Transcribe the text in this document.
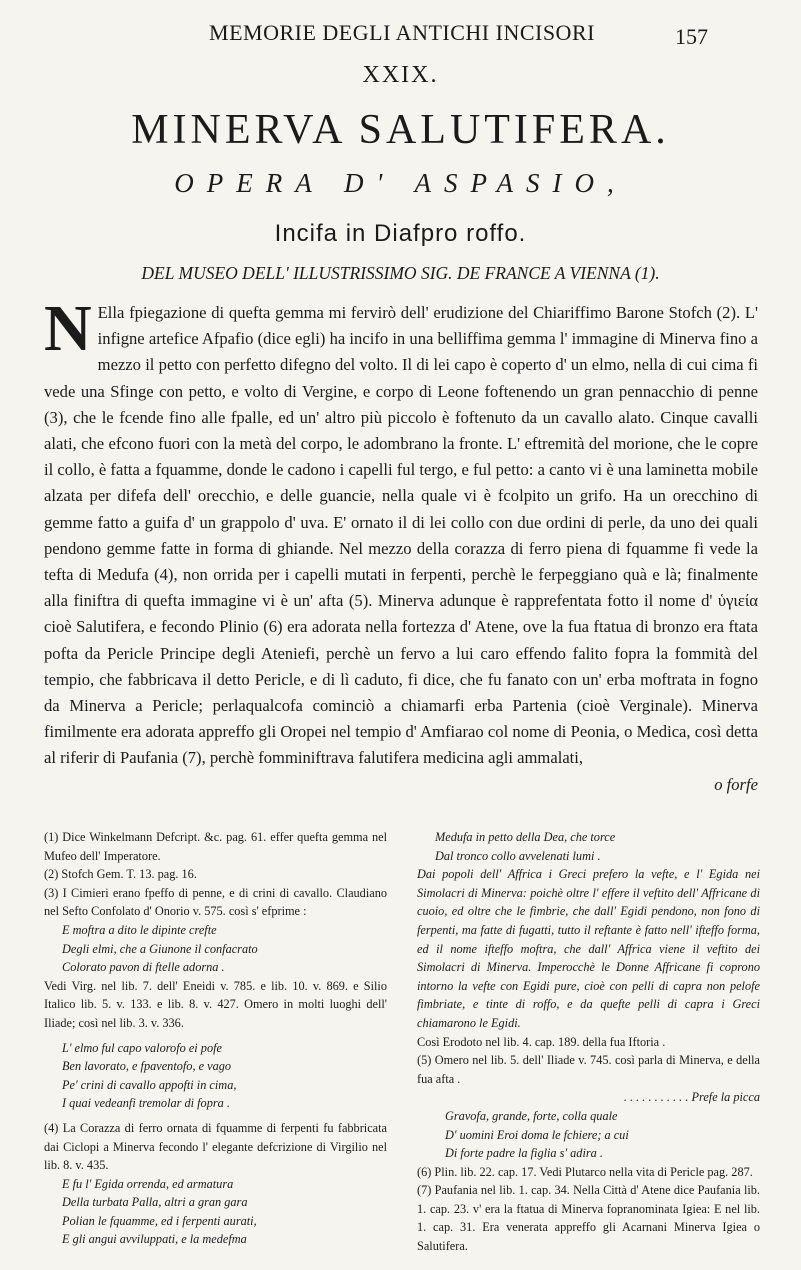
MEMORIE DEGLI ANTICHI INCISORI	157
XXIX.
MINERVA SALUTIFERA.
OPERA D' ASPASIO,
Incifa in Diafpro roffo.
DEL MUSEO DELL' ILLUSTRISSIMO SIG. DE FRANCE A VIENNA (1).
N Ella fpiegazione di quefta gemma mi fervirò dell' erudizione del Chiariffimo Barone Stofch (2). L' infigne artefice Afpafio (dice egli) ha incifo in una belliffima gemma l' immagine di Minerva fino a mezzo il petto con perfetto difegno del volto. Il di lei capo è coperto d' un elmo, nella di cui cima fi vede una Sfinge con petto, e volto di Vergine, e corpo di Leone foftenendo un gran pennacchio di penne (3), che le fcende fino alle fpalle, ed un' altro più piccolo è foftenuto da un cavallo alato. Cinque cavalli alati, che efcono fuori con la metà del corpo, le adombrano la fronte. L' eftremità del morione, che le copre il collo, è fatta a fquamme, donde le cadono i capelli ful tergo, e ful petto: a canto vi è una laminetta mobile alzata per difefa dell' orecchio, e delle guancie, nella quale vi è fcolpito un grifo. Ha un orecchino di gemme fatto a guifa d' un grappolo d' uva. E' ornato il di lei collo con due ordini di perle, da uno dei quali pendono gemme fatte in forma di ghiande. Nel mezzo della corazza di ferro piena di fquamme fi vede la tefta di Medufa (4), non orrida per i capelli mutati in ferpenti, perchè le ferpeggiano quà e là; finalmente alla finiftra di quefta immagine vi è un' afta (5). Minerva adunque è rapprefentata fotto il nome d' ὑγιεία cioè Salutifera, e fecondo Plinio (6) era adorata nella fortezza d' Atene, ove la fua ftatua di bronzo era ftata pofta da Pericle Principe degli Ateniefi, perchè un fervo a lui caro effendo falito fopra la fommità del tempio, che fabbricava il detto Pericle, e di lì caduto, fi dice, che fu fanato con un' erba moftrata in fogno da Minerva a Pericle; perlaqualcofa cominciò a chiamarfi erba Partenia (cioè Verginale). Minerva fimilmente era adorata appreffo gli Oropei nel tempio d' Amfiarao col nome di Peonia, o Medica, così detta al riferir di Paufania (7), perchè fomminiftrava falutifera medicina agli ammalati,

o forfe

(1) Dice Winkelmann Defcript. &c. pag. 61. effer quefta gemma nel Mufeo dell' Imperatore.

(2) Stofch Gem. T. 13. pag. 16.

(3) I Cimieri erano fpeffo di penne, e di crini di cavallo. Claudiano nel Sefto Confolato d' Onorio v. 575. così s' efprime :

E moftra a dito le dipinte crefte

Degli elmi, che a Giunone il confacrato

Colorato pavon di ftelle adorna .

Vedi Virg. nel lib. 7. dell' Eneidi v. 785. e lib. 10. v. 869. e Silio Italico lib. 5. v. 133. e lib. 8. v. 427. Omero in molti luoghi dell' Iliade; così nel lib. 3. v. 336.

L' elmo ful capo valorofo ei pofe

Ben lavorato, e fpaventofo, e vago

Pe' crini di cavallo appofti in cima,

I quai vedeanfi tremolar di fopra .

(4) La Corazza di ferro ornata di fquamme di ferpenti fu fabbricata dai Ciclopi a Minerva fecondo l' elegante defcrizione di Virgilio nel lib. 8. v. 435.

E fu l' Egida orrenda, ed armatura

Della turbata Palla, altri a gran gara

Polian le fquamme, ed i ferpenti aurati,

E gli angui avviluppati, e la medefma

Medufa in petto della Dea, che torce

Dal tronco collo avvelenati lumi .

Dai popoli dell' Affrica i Greci prefero la vefte, e l' Egida nei Simolacri di Minerva: poichè oltre l' effere il veftito dell' Affricane di cuoio, ed oltre che le fimbrie, che dall' Egidi pendono, non fono di ferpenti, ma fatte di fugatti, tutto il reftante è fatto nell' ifteffo forma, ed il nome ifteffo moftra, che dall' Affrica viene il veftito dei Simolacri di Minerva. Imperocchè le Donne Affricane fi coprono intorno la vefte con Egidi pure, cioè con pelli di capra non pelofe fimbriate, e tinte di roffo, e da quefte pelli di capra i Greci chiamarono le Egidi.

Così Erodoto nel lib. 4. cap. 189. della fua Iftoria .

(5) Omero nel lib. 5. dell' Iliade v. 745. così parla di Minerva, e della fua afta .

. . . . . . . . . . . Prefe la picca

Gravofa, grande, forte, colla quale

D' uomini Eroi doma le fchiere; a cui

Di forte padre la figlia s' adira .

(6) Plin. lib. 22. cap. 17. Vedi Plutarco nella vita di Pericle pag. 287.

(7) Paufania nel lib. 1. cap. 34. Nella Città d' Atene dice Paufania lib. 1. cap. 23. v' era la ftatua di Minerva fopranominata Igiea: E nel lib. 1. cap. 31. Era venerata appreffo gli Acarnani Minerva Igiea o Salutifera.
